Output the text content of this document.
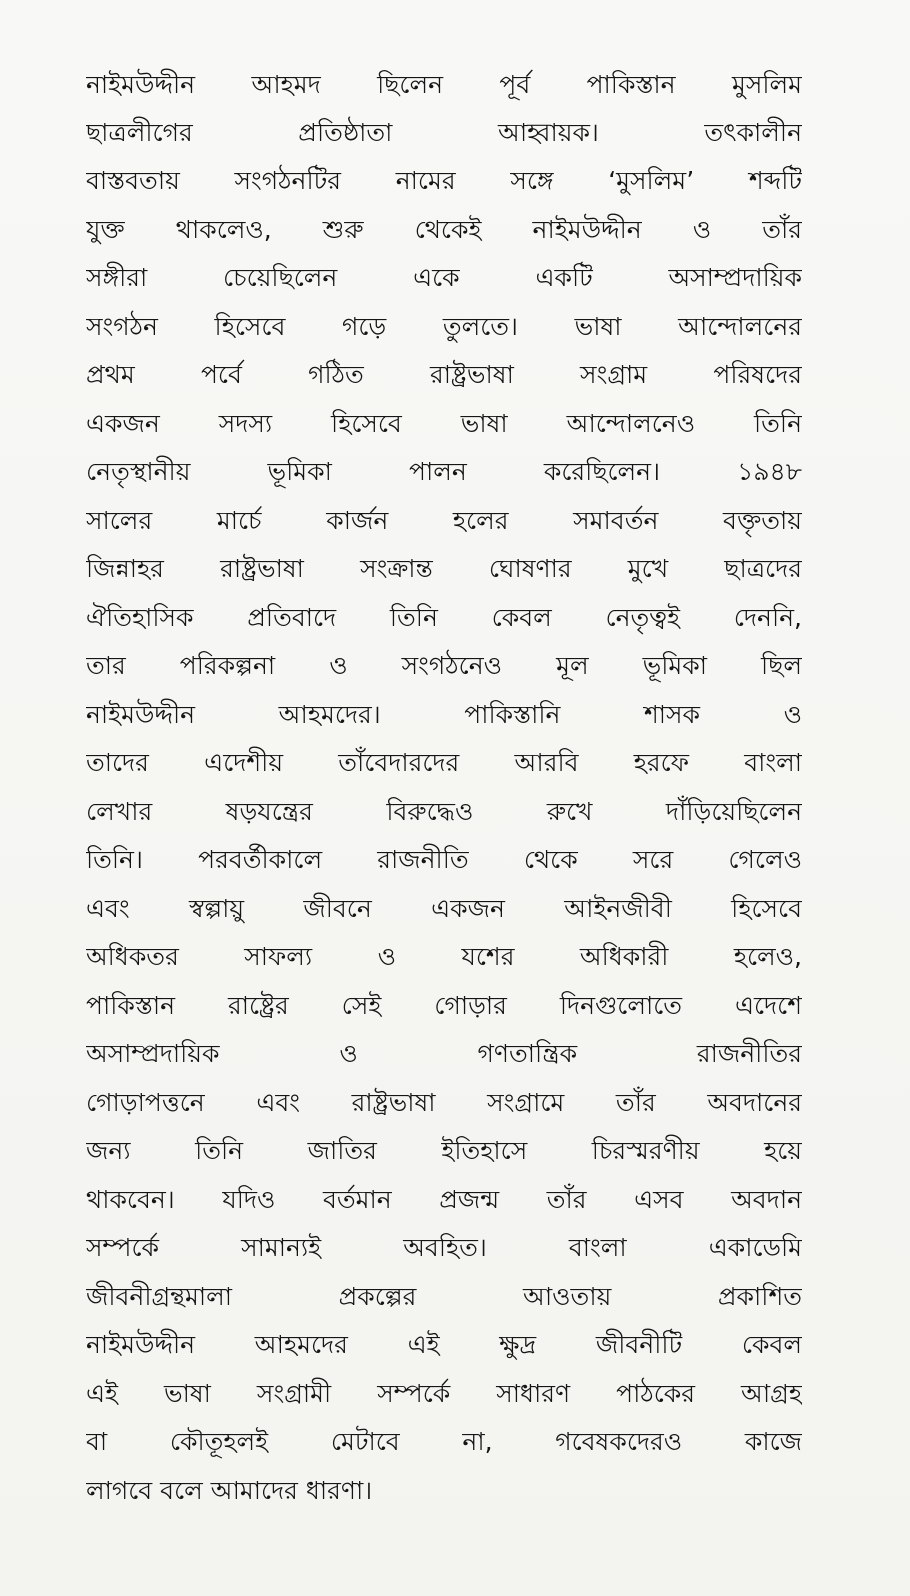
নাইমউদ্দীন আহমদ ছিলেন পূর্ব পাকিস্তান মুসলিম
ছাত্রলীগের প্রতিষ্ঠাতা আহ্বায়ক। তৎকালীন
বাস্তবতায় সংগঠনটির নামের সঙ্গে ‘মুসলিম’ শব্দটি
যুক্ত থাকলেও, শুরু থেকেই নাইমউদ্দীন ও তাঁর
সঙ্গীরা চেয়েছিলেন একে একটি অসাম্প্রদায়িক
সংগঠন হিসেবে গড়ে তুলতে। ভাষা আন্দোলনের
প্রথম পর্বে গঠিত রাষ্ট্রভাষা সংগ্রাম পরিষদের
একজন সদস্য হিসেবে ভাষা আন্দোলনেও তিনি
নেতৃস্থানীয় ভূমিকা পালন করেছিলেন। ১৯৪৮
সালের মার্চে কার্জন হলের সমাবর্তন বক্তৃতায়
জিন্নাহর রাষ্ট্রভাষা সংক্রান্ত ঘোষণার মুখে ছাত্রদের
ঐতিহাসিক প্রতিবাদে তিনি কেবল নেতৃত্বই দেননি,
তার পরিকল্পনা ও সংগঠনেও মূল ভূমিকা ছিল
নাইমউদ্দীন আহমদের। পাকিস্তানি শাসক ও
তাদের এদেশীয় তাঁবেদারদের আরবি হরফে বাংলা
লেখার ষড়যন্ত্রের বিরুদ্ধেও রুখে দাঁড়িয়েছিলেন
তিনি। পরবর্তীকালে রাজনীতি থেকে সরে গেলেও
এবং স্বল্পায়ু জীবনে একজন আইনজীবী হিসেবে
অধিকতর সাফল্য ও যশের অধিকারী হলেও,
পাকিস্তান রাষ্ট্রের সেই গোড়ার দিনগুলোতে এদেশে
অসাম্প্রদায়িক ও গণতান্ত্রিক রাজনীতির
গোড়াপত্তনে এবং রাষ্ট্রভাষা সংগ্রামে তাঁর অবদানের
জন্য তিনি জাতির ইতিহাসে চিরস্মরণীয় হয়ে
থাকবেন। যদিও বর্তমান প্রজন্ম তাঁর এসব অবদান
সম্পর্কে সামান্যই অবহিত। বাংলা একাডেমি
জীবনীগ্রন্থমালা প্রকল্পের আওতায় প্রকাশিত
নাইমউদ্দীন আহমদের এই ক্ষুদ্র জীবনীটি কেবল
এই ভাষা সংগ্রামী সম্পর্কে সাধারণ পাঠকের আগ্রহ
বা কৌতূহলই মেটাবে না, গবেষকদেরও কাজে
লাগবে বলে আমাদের ধারণা।
